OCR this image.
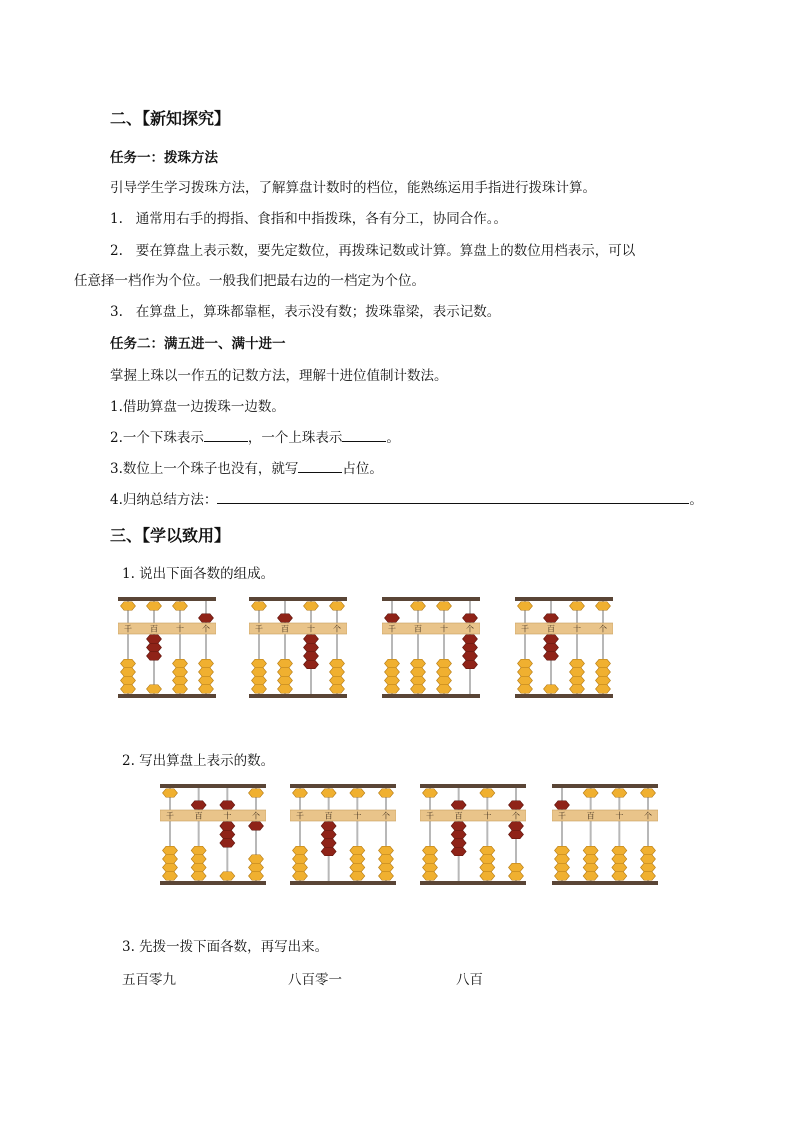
二、【新知探究】
任务一：拨珠方法
引导学生学习拨珠方法，了解算盘计数时的档位，能熟练运用手指进行拨珠计算。
1. 通常用右手的拇指、食指和中指拨珠，各有分工，协同合作。。
2. 要在算盘上表示数，要先定数位，再拨珠记数或计算。算盘上的数位用档表示，可以
任意择一档作为个位。一般我们把最右边的一档定为个位。
3. 在算盘上，算珠都靠框，表示没有数；拨珠靠梁，表示记数。
任务二：满五进一、满十进一
掌握上珠以一作五的记数方法，理解十进位值制计数法。
1.借助算盘一边拨珠一边数。
2.一个下珠表示	，一个上珠表示	。
3.数位上一个珠子也没有，就写	占位。
4.归纳总结方法：	。
三、【学以致用】
1. 说出下面各数的组成。
千 百 十 个	千 百 十 个	千 百 十 个	千 百 十 个
2. 写出算盘上表示的数。
千	百	十	个	千	百	十	个	千	百	十	个	千	百	十	个
3. 先拨一拨下面各数，再写出来。
五百零九	八百零一	八百
